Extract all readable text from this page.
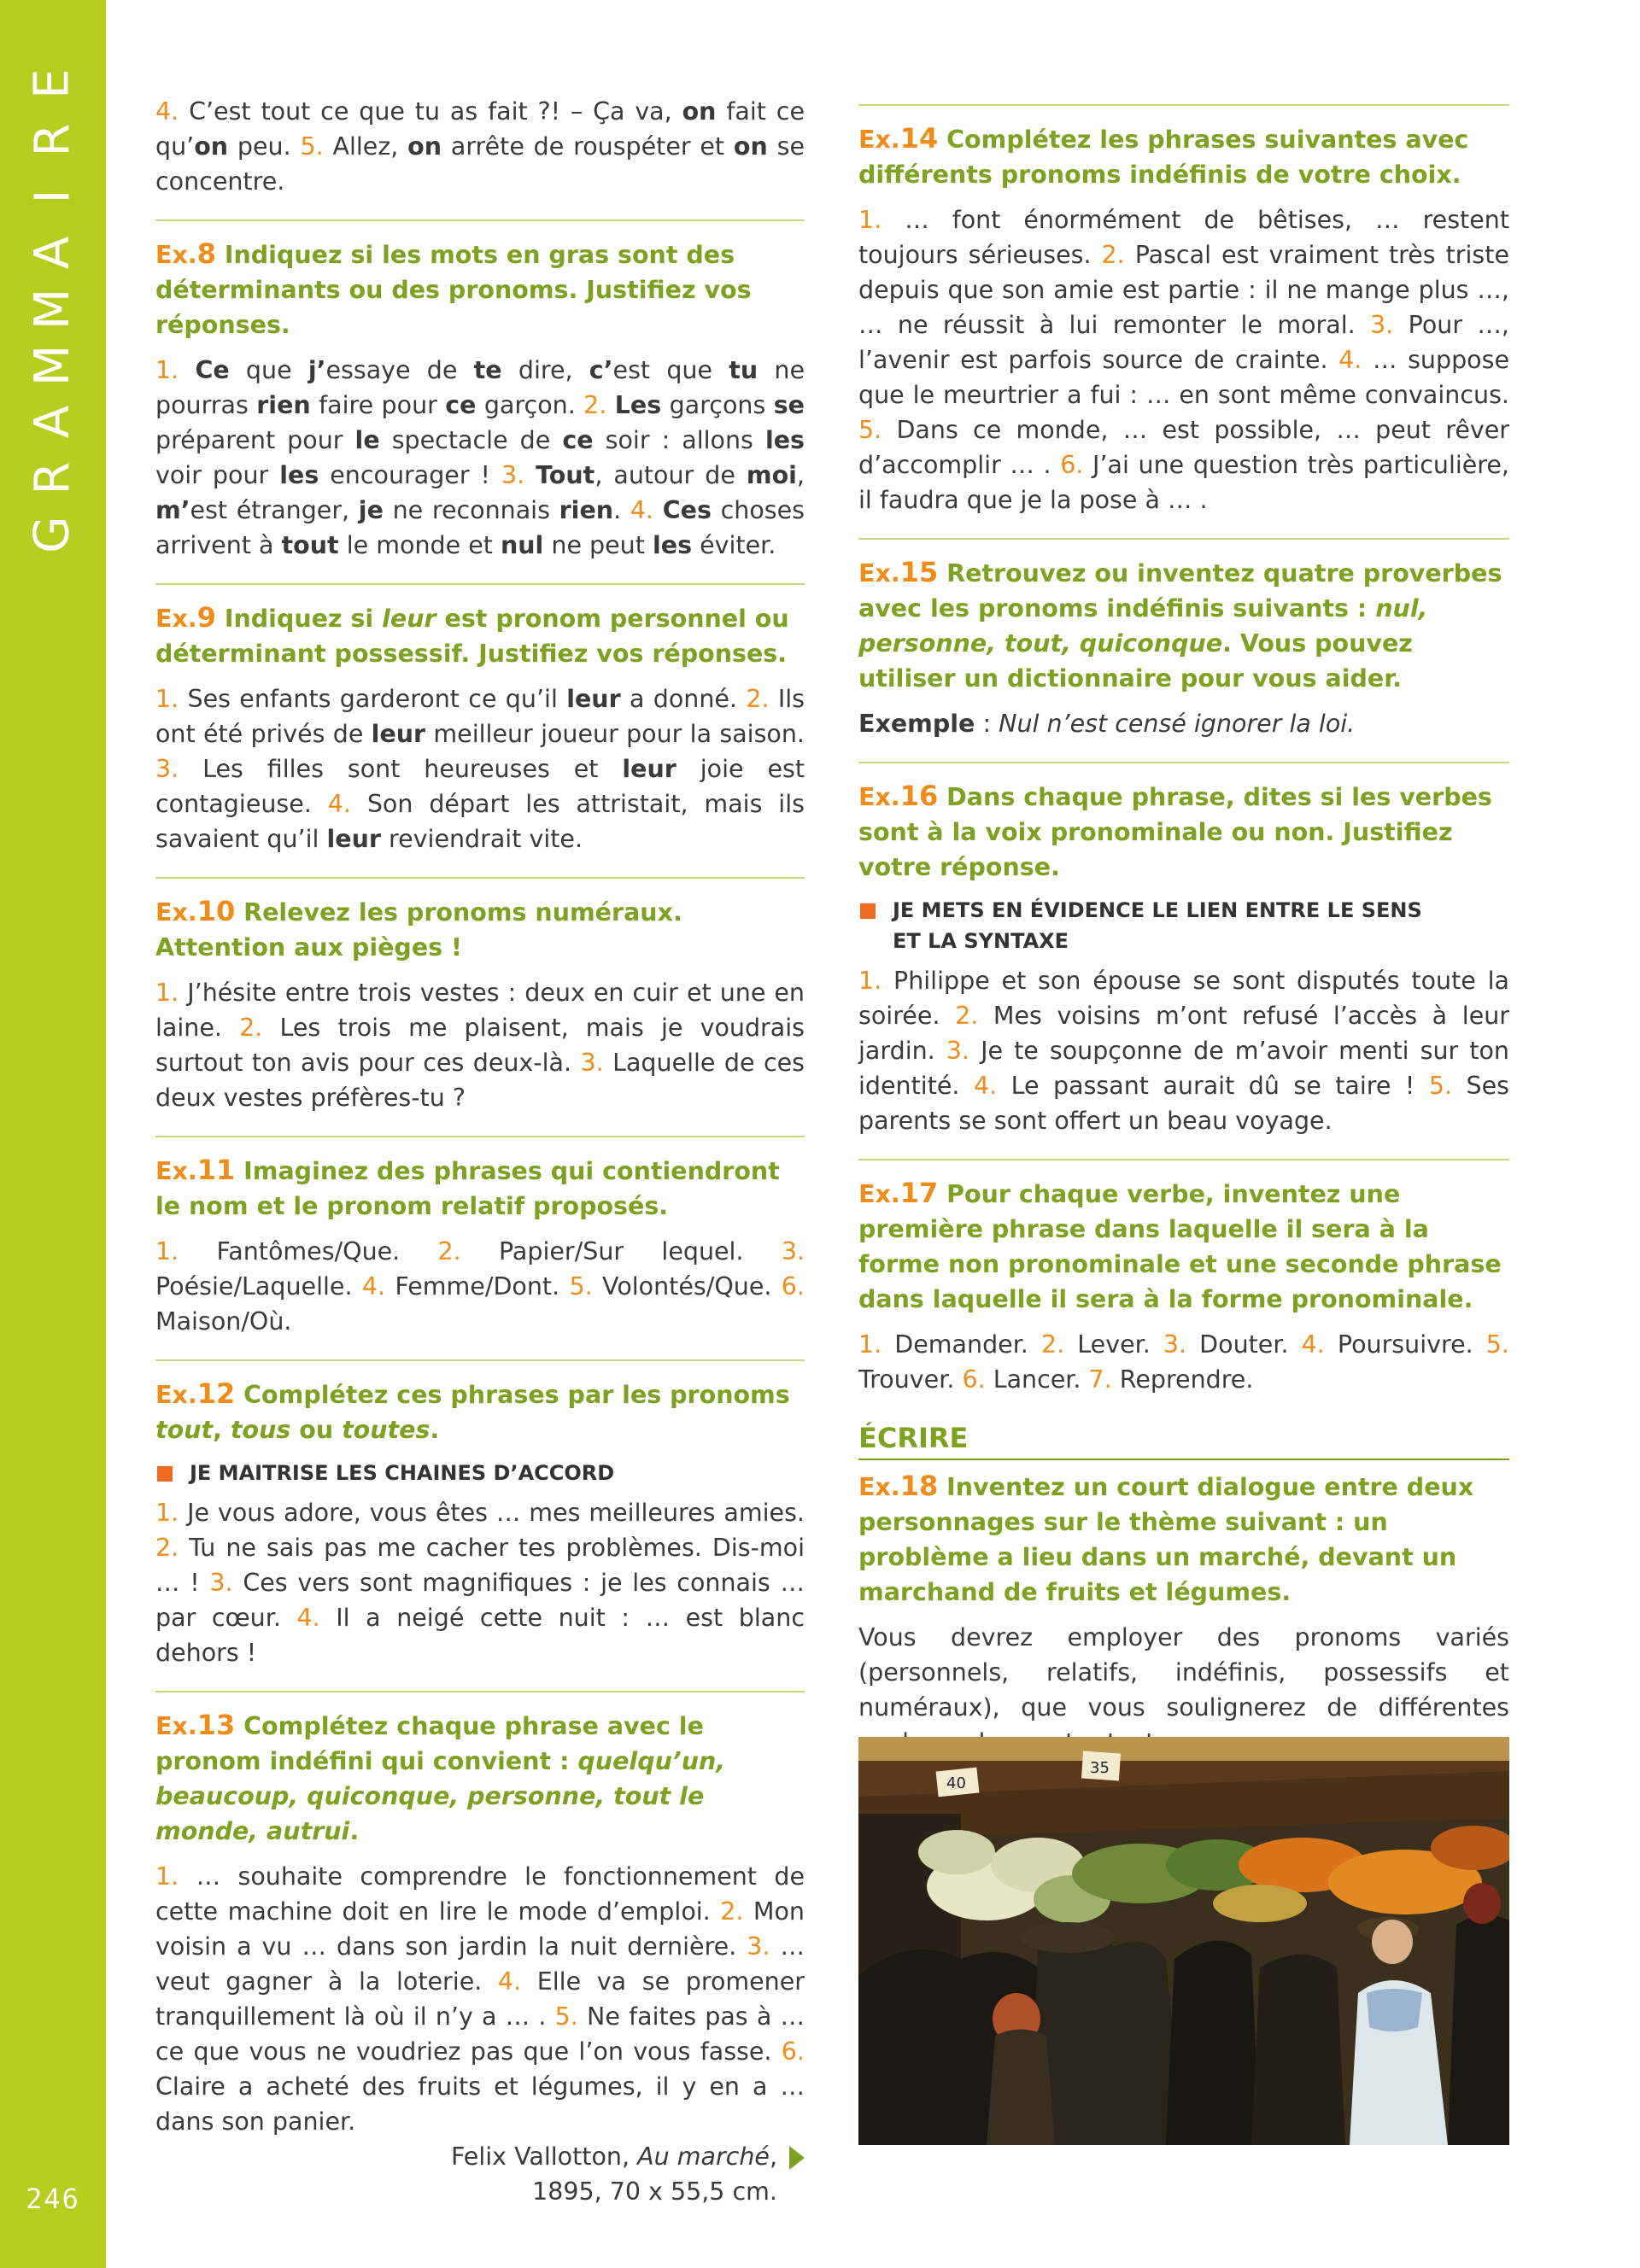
E
R
I
A
M
M
A
R
G
246

4. C’est tout ce que tu as fait ?! – Ça va, on fait ce qu’on peu. 5. Allez, on arrête de rouspéter et on se concentre.

Ex.8 Indiquez si les mots en gras sont des déterminants ou des pronoms. Justifiez vos réponses.

1. Ce que j’essaye de te dire, c’est que tu ne pourras rien faire pour ce garçon. 2. Les garçons se préparent pour le spectacle de ce soir : allons les voir pour les encourager ! 3. Tout, autour de moi, m’est étranger, je ne reconnais rien. 4. Ces choses arrivent à tout le monde et nul ne peut les éviter.

Ex.9 Indiquez si leur est pronom personnel ou déterminant possessif. Justifiez vos réponses.

1. Ses enfants garderont ce qu’il leur a donné. 2. Ils ont été privés de leur meilleur joueur pour la saison. 3. Les filles sont heureuses et leur joie est contagieuse. 4. Son départ les attristait, mais ils savaient qu’il leur reviendrait vite.

Ex.10 Relevez les pronoms numéraux. Attention aux pièges !

1. J’hésite entre trois vestes : deux en cuir et une en laine. 2. Les trois me plaisent, mais je voudrais surtout ton avis pour ces deux-là. 3. Laquelle de ces deux vestes préfères-tu ?

Ex.11 Imaginez des phrases qui contiendront le nom et le pronom relatif proposés.

1. Fantômes/Que. 2. Papier/Sur lequel. 3. Poésie/Laquelle. 4. Femme/Dont. 5. Volontés/Que. 6. Maison/Où.

Ex.12 Complétez ces phrases par les pronoms tout, tous ou toutes.

JE MAITRISE LES CHAINES D’ACCORD

1. Je vous adore, vous êtes … mes meilleures amies. 2. Tu ne sais pas me cacher tes problèmes. Dis-moi … ! 3. Ces vers sont magnifiques : je les connais … par cœur. 4. Il a neigé cette nuit : … est blanc dehors !

Ex.13 Complétez chaque phrase avec le pronom indéfini qui convient : quelqu’un, beaucoup, quiconque, personne, tout le monde, autrui.

1. … souhaite comprendre le fonctionnement de cette machine doit en lire le mode d’emploi. 2. Mon voisin a vu … dans son jardin la nuit dernière. 3. … veut gagner à la loterie. 4. Elle va se promener tranquillement là où il n’y a … . 5. Ne faites pas à … ce que vous ne voudriez pas que l’on vous fasse. 6. Claire a acheté des fruits et légumes, il y en a … dans son panier.

Felix Vallotton, Au marché,
1895, 70 x 55,5 cm.

Ex.14 Complétez les phrases suivantes avec différents pronoms indéfinis de votre choix.

1. … font énormément de bêtises, … restent toujours sérieuses. 2. Pascal est vraiment très triste depuis que son amie est partie : il ne mange plus …, … ne réussit à lui remonter le moral. 3. Pour …, l’avenir est parfois source de crainte. 4. … suppose que le meurtrier a fui : … en sont même convaincus. 5. Dans ce monde, … est possible, … peut rêver d’accomplir … . 6. J’ai une question très particulière, il faudra que je la pose à … .

Ex.15 Retrouvez ou inventez quatre proverbes avec les pronoms indéfinis suivants : nul, personne, tout, quiconque. Vous pouvez utiliser un dictionnaire pour vous aider.

Exemple : Nul n’est censé ignorer la loi.

Ex.16 Dans chaque phrase, dites si les verbes sont à la voix pronominale ou non. Justifiez votre réponse.

JE METS EN ÉVIDENCE LE LIEN ENTRE LE SENS
ET LA SYNTAXE

1. Philippe et son épouse se sont disputés toute la soirée. 2. Mes voisins m’ont refusé l’accès à leur jardin. 3. Je te soupçonne de m’avoir menti sur ton identité. 4. Le passant aurait dû se taire ! 5. Ses parents se sont offert un beau voyage.

Ex.17 Pour chaque verbe, inventez une première phrase dans laquelle il sera à la forme non pronominale et une seconde phrase dans laquelle il sera à la forme pronominale.

1. Demander. 2. Lever. 3. Douter. 4. Poursuivre. 5. Trouver. 6. Lancer. 7. Reprendre.

ÉCRIRE

Ex.18 Inventez un court dialogue entre deux personnages sur le thème suivant : un problème a lieu dans un marché, devant un marchand de fruits et légumes.

Vous devrez employer des pronoms variés (personnels, relatifs, indéfinis, possessifs et numéraux), que vous soulignerez de différentes

40
35
